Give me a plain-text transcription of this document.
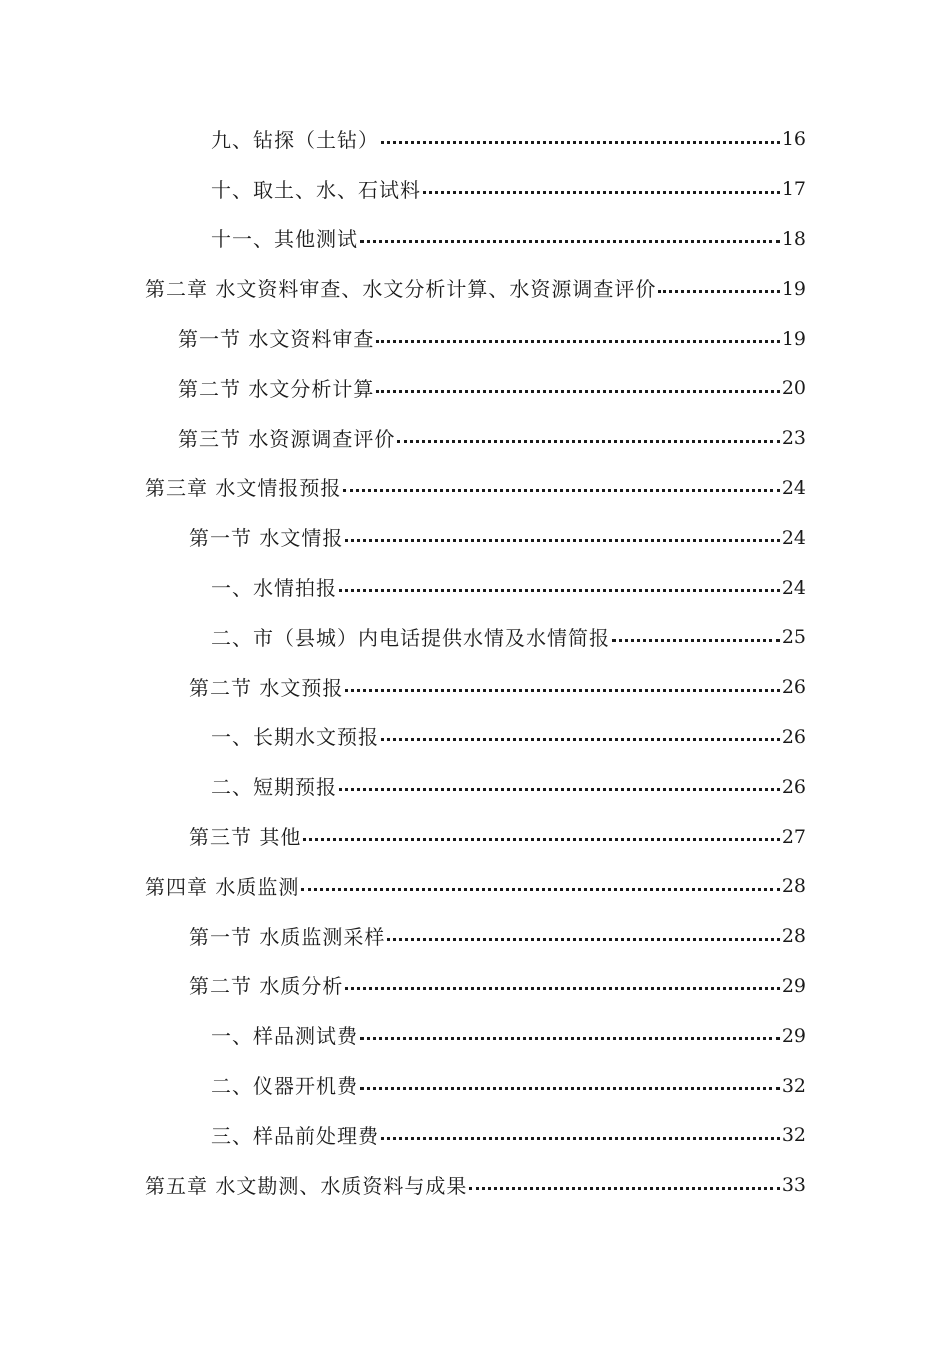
九、钻探（土钻）	16
十、取土、水、石试料	17
十一、其他测试	18
第二章 水文资料审查、水文分析计算、水资源调查评价	19
第一节 水文资料审查	19
第二节 水文分析计算	20
第三节 水资源调查评价	23
第三章 水文情报预报	24
第一节 水文情报	24
一、水情拍报	24
二、市（县城）内电话提供水情及水情简报	25
第二节 水文预报	26
一、长期水文预报	26
二、短期预报	26
第三节 其他	27
第四章 水质监测	28
第一节 水质监测采样	28
第二节 水质分析	29
一、样品测试费	29
二、仪器开机费	32
三、样品前处理费	32
第五章 水文勘测、水质资料与成果	33
